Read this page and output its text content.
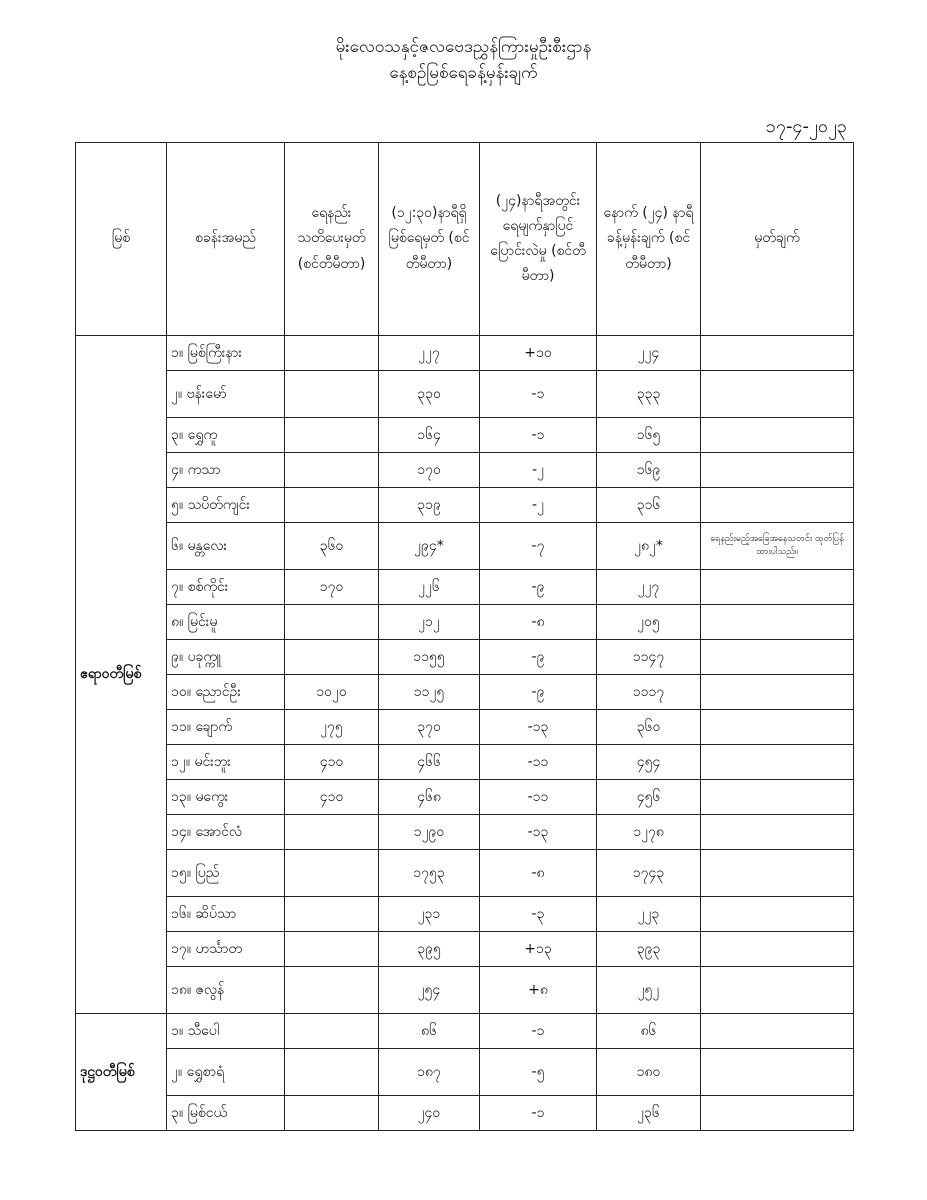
မိုးလေဝသနှင့်ဇလဗေဒညွှန်ကြားမှုဦးစီးဌာန
နေ့စဉ်မြစ်ရေခန့်မှန်းချက်
၁၇-၄-၂၀၂၃
မြစ်	စခန်းအမည်	ရေနည်း သတိပေးမှတ် (စင်တီမီတာ)	(၁၂:၃၀)နာရီရှိ မြစ်ရေမှတ် (စင်တီမီတာ)	(၂၄)နာရီအတွင်း ရေမျက်နှာပြင် ပြောင်းလဲမှု (စင်တီမီတာ)	နောက် (၂၄) နာရီ ခန့်မှန်းချက် (စင်တီမီတာ)	မှတ်ချက်
ဧရာဝတီမြစ်	၁။ မြစ်ကြီးနား		၂၂၇	+၁၀	၂၂၄	
	၂။ ဗန်းမော်		၃၃၀	-၁	၃၃၃	
	၃။ ရွှေကူ		၁၆၄	-၁	၁၆၅	
	၄။ ကသာ		၁၇၀	-၂	၁၆၉	
	၅။ သပိတ်ကျင်း		၃၁၉	-၂	၃၁၆	
	၆။ မန္တလေး	၃၆၀	၂၉၄*	-၇	၂၈၂*	ရေနည်းမည့်အခြေအနေသတင်း ထုတ်ပြန်ထားပါသည်။
	၇။ စစ်ကိုင်း	၁၇၀	၂၂၆	-၉	၂၂၇	
	၈။ မြင်းမူ		၂၁၂	-၈	၂၀၅	
	၉။ ပခုက္ကူ		၁၁၅၅	-၉	၁၁၄၇	
	၁၀။ ညောင်ဦး	၁၀၂၀	၁၁၂၅	-၉	၁၁၁၇	
	၁၁။ ချောက်	၂၇၅	၃၇၀	-၁၃	၃၆၀	
	၁၂။ မင်းဘူး	၄၁၀	၄၆၆	-၁၁	၄၅၄	
	၁၃။ မကွေး	၄၁၀	၄၆၈	-၁၁	၄၅၆	
	၁၄။ အောင်လံ		၁၂၉၀	-၁၃	၁၂၇၈	
	၁၅။ ပြည်		၁၇၅၃	-၈	၁၇၄၃	
	၁၆။ ဆိပ်သာ		၂၃၁	-၃	၂၂၃	
	၁၇။ ဟင်္သာတ		၃၉၅	+၁၃	၃၉၃	
	၁၈။ ဇလွန်		၂၅၄	+၈	၂၅၂	
ဒုဋ္ဌဝတီမြစ်	၁။ သီပေါ		၈၆	-၁	၈၆	
	၂။ ရွှေစာရံ		၁၈၇	-၅	၁၈၀	
	၃။ မြစ်ငယ်		၂၄၀	-၁	၂၃၆	
